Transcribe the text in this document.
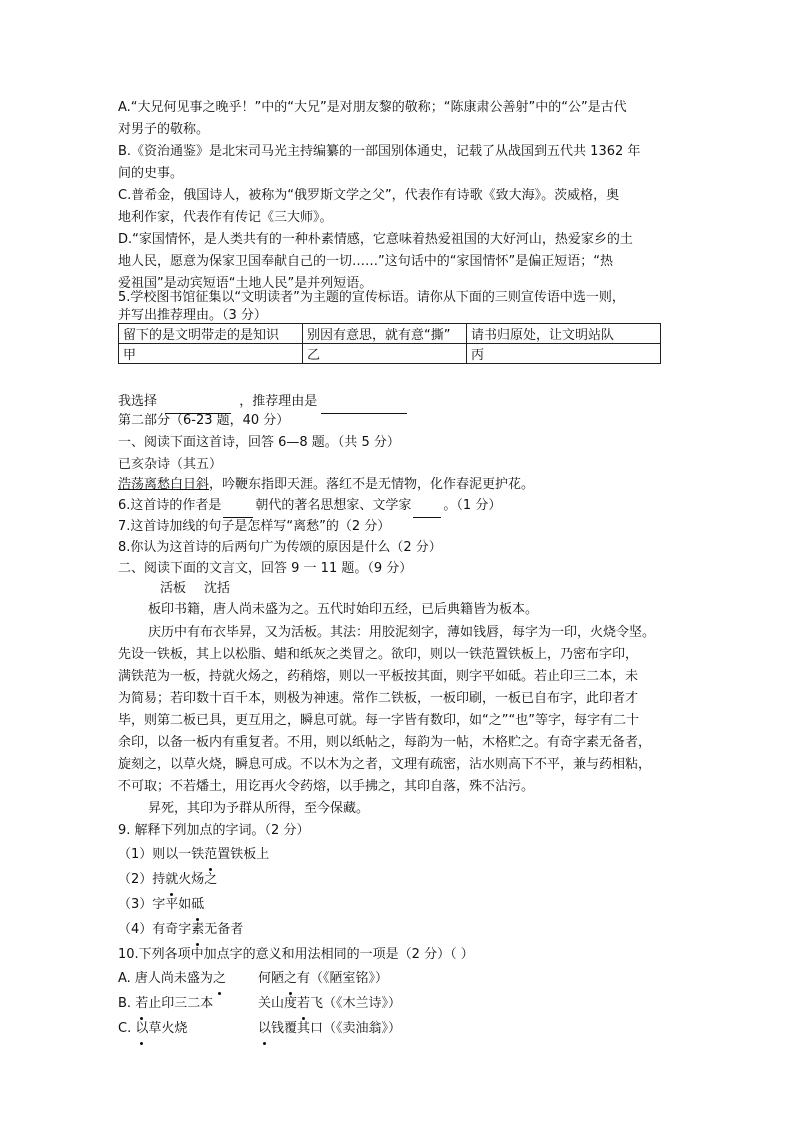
A.“大兄何见事之晚乎！”中的“大兄”是对朋友黎的敬称；“陈康肃公善射”中的“公”是古代
对男子的敬称。
B.《资治通鉴》是北宋司马光主持编纂的一部国别体通史，记载了从战国到五代共 1362 年
间的史事。
C.普希金，俄国诗人，被称为“俄罗斯文学之父”，代表作有诗歌《致大海》。茨威格，奥
地利作家，代表作有传记《三大师》。
D.“家国情怀，是人类共有的一种朴素情感，它意味着热爱祖国的大好河山，热爱家乡的土
地人民，愿意为保家卫国奉献自己的一切……”这句话中的“家国情怀”是偏正短语；“热
爱祖国”是动宾短语“土地人民”是并列短语。
5.学校图书馆征集以“文明读者”为主题的宣传标语。请你从下面的三则宣传语中选一则，
并写出推荐理由。（3 分）
留下的是文明带走的是知识	别因有意思，就有意“撕”	请书归原处，让文明站队
甲	乙	丙
我选择	，推荐理由是
第二部分（6-23 题，40 分）
一、阅读下面这首诗，回答 6—8 题。（共 5 分）
已亥杂诗（其五）
浩荡离愁白日斜，吟鞭东指即天涯。落红不是无情物，化作春泥更护花。
6.这首诗的作者是	朝代的著名思想家、文学家 。（1 分）
7.这首诗加线的句子是怎样写“离愁”的（2 分）
8.你认为这首诗的后两句广为传颂的原因是什么（2 分）
二、阅读下面的文言文，回答 9 一 11 题。（9 分）
活板 沈括
板印书籍，唐人尚未盛为之。五代时始印五经，已后典籍皆为板本。
庆历中有布衣毕昇，又为活板。其法：用胶泥刻字，薄如钱唇，每字为一印，火烧令坚。
先设一铁板，其上以松脂、蜡和纸灰之类冒之。欲印，则以一铁范置铁板上，乃密布字印，
满铁范为一板，持就火炀之，药稍熔，则以一平板按其面，则字平如砥。若止印三二本，未
为简易；若印数十百千本，则极为神速。常作二铁板，一板印刷，一板已自布字，此印者才
毕，则第二板已具，更互用之，瞬息可就。每一字皆有数印，如“之”“也”等字，每字有二十
余印，以备一板内有重复者。不用，则以纸帖之，每韵为一帖，木格贮之。有奇字素无备者，
旋刻之，以草火烧，瞬息可成。不以木为之者，文理有疏密，沾水则高下不平，兼与药相粘，
不可取；不若燔土，用讫再火令药熔，以手拂之，其印自落，殊不沾污。
昇死，其印为予群从所得，至今保藏。
9. 解释下列加点的字词。（2 分）
（1）则以一铁范置铁板上
（2）持就火炀之
（3）字平如砥
（4）有奇字素无备者
10.下列各项中加点字的意义和用法相同的一项是（2 分）（ ）
A. 唐人尚未盛为之 何陋之有（《陋室铭》）
B. 若止印三二本	关山度若飞（《木兰诗》）
C. 以草火烧	以钱覆其口（《卖油翁》）
